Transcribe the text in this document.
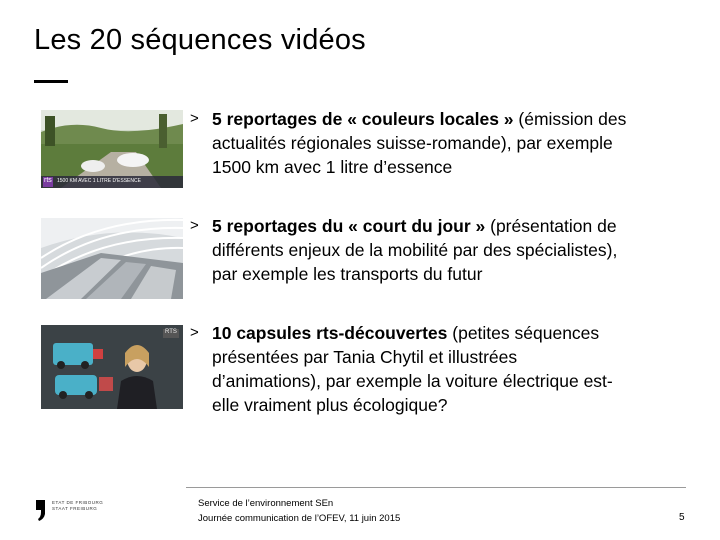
Les 20 séquences vidéos
rts 1500 KM AVEC 1 LITRE D'ESSENCE
RTS
> 5 reportages de « couleurs locales » (émission des
actualités régionales suisse-romande), par exemple
1500 km avec 1 litre d’essence
> 5 reportages du « court du jour » (présentation de
différents enjeux de la mobilité par des spécialistes),
par exemple les transports du futur
> 10 capsules rts-découvertes (petites séquences
présentées par Tania Chytil et illustrées
d’animations), par exemple la voiture électrique est-
elle vraiment plus écologique?
ETAT DE FRIBOURG
STAAT FREIBURG	Service de l’environnement SEn
Journée communication de l’OFEV, 11 juin 2015	5
